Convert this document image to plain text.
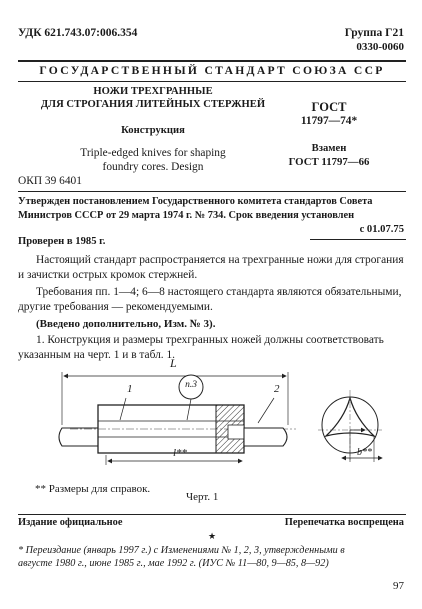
УДК 621.743.07:006.354	Группа Г21
0330-0060
ГОСУДАРСТВЕННЫЙ СТАНДАРТ СОЮЗА ССР
НОЖИ ТРЕХГРАННЫЕ
ДЛЯ СТРОГАНИЯ ЛИТЕЙНЫХ СТЕРЖНЕЙ
Конструкция
Triple-edged knives for shaping
foundry cores. Design
ГОСТ
11797—74*
Взамен
ГОСТ 11797—66
ОКП 39 6401
Утвержден постановлением Государственного комитета стандартов Совета
Министров СССР от 29 марта 1974 г. № 734. Срок введения установлен
с 01.07.75
Проверен в 1985 г.
Настоящий стандарт распространяется на трехгранные ножи для строгания и зачистки острых кромок стержней.
Требования пп. 1—4; 6—8 настоящего стандарта являются обязательными, другие требования — рекомендуемыми.
(Введено дополнительно, Изм. № 3).
1. Конструкция и размеры трехгранных ножей должны соответствовать указанным на черт. 1 и в табл. 1.
L
l**	b**
1	2
п.3
** Размеры для справок.
Черт. 1
Издание официальное	Перепечатка воспрещена
★
* Переиздание (январь 1997 г.) с Изменениями № 1, 2, 3, утвержденными в
августе 1980 г., июне 1985 г., мае 1992 г. (ИУС № 11—80, 9—85, 8—92)
97
